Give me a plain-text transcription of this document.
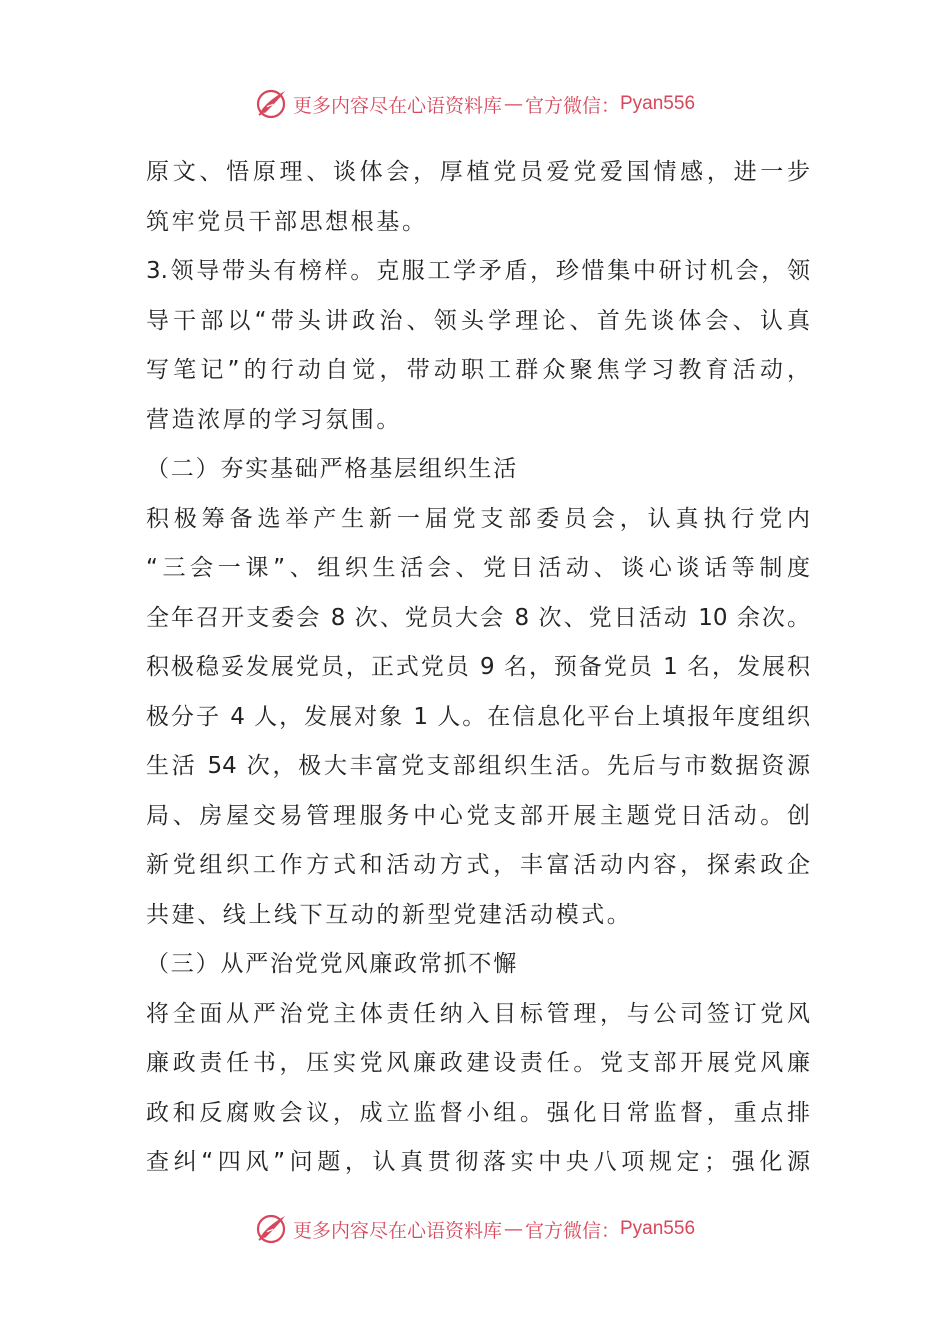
更多内容尽在心语资料库 — 官方微信： Pyan556
原文、悟原理、谈体会，厚植党员爱党爱国情感，进一步
筑牢党员干部思想根基。
3.领导带头有榜样。克服工学矛盾，珍惜集中研讨机会，领
导干部以“带头讲政治、领头学理论、首先谈体会、认真
写笔记”的行动自觉，带动职工群众聚焦学习教育活动，
营造浓厚的学习氛围。
（二）夯实基础严格基层组织生活
积极筹备选举产生新一届党支部委员会，认真执行党内
“三会一课”、组织生活会、党日活动、谈心谈话等制度
全年召开支委会 8 次、党员大会 8 次、党日活动 10 余次。
积极稳妥发展党员，正式党员 9 名，预备党员 1 名，发展积
极分子 4 人，发展对象 1 人。在信息化平台上填报年度组织
生活 54 次，极大丰富党支部组织生活。先后与市数据资源
局、房屋交易管理服务中心党支部开展主题党日活动。创
新党组织工作方式和活动方式，丰富活动内容，探索政企
共建、线上线下互动的新型党建活动模式。
（三）从严治党党风廉政常抓不懈
将全面从严治党主体责任纳入目标管理，与公司签订党风
廉政责任书，压实党风廉政建设责任。党支部开展党风廉
政和反腐败会议，成立监督小组。强化日常监督，重点排
查纠“四风”问题，认真贯彻落实中央八项规定；强化源
更多内容尽在心语资料库 — 官方微信： Pyan556
